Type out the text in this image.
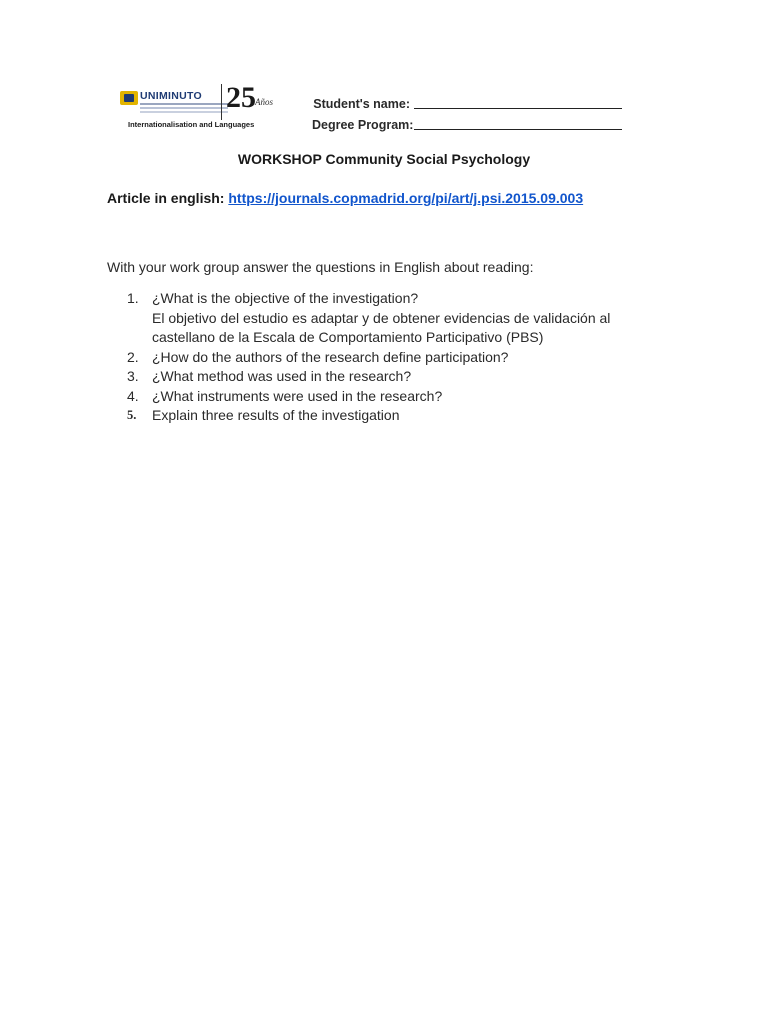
UNIMINUTO 25 Años
Internationalisation and Languages
Student's name:
Degree Program:
WORKSHOP Community Social Psychology
Article in english: https://journals.copmadrid.org/pi/art/j.psi.2015.09.003
With your work group answer the questions in English about reading:
1. ¿What is the objective of the investigation?
El objetivo del estudio es adaptar y de obtener evidencias de validación al
castellano de la Escala de Comportamiento Participativo (PBS)
2. ¿How do the authors of the research define participation?
3. ¿What method was used in the research?
4. ¿What instruments were used in the research?
5. Explain three results of the investigation
